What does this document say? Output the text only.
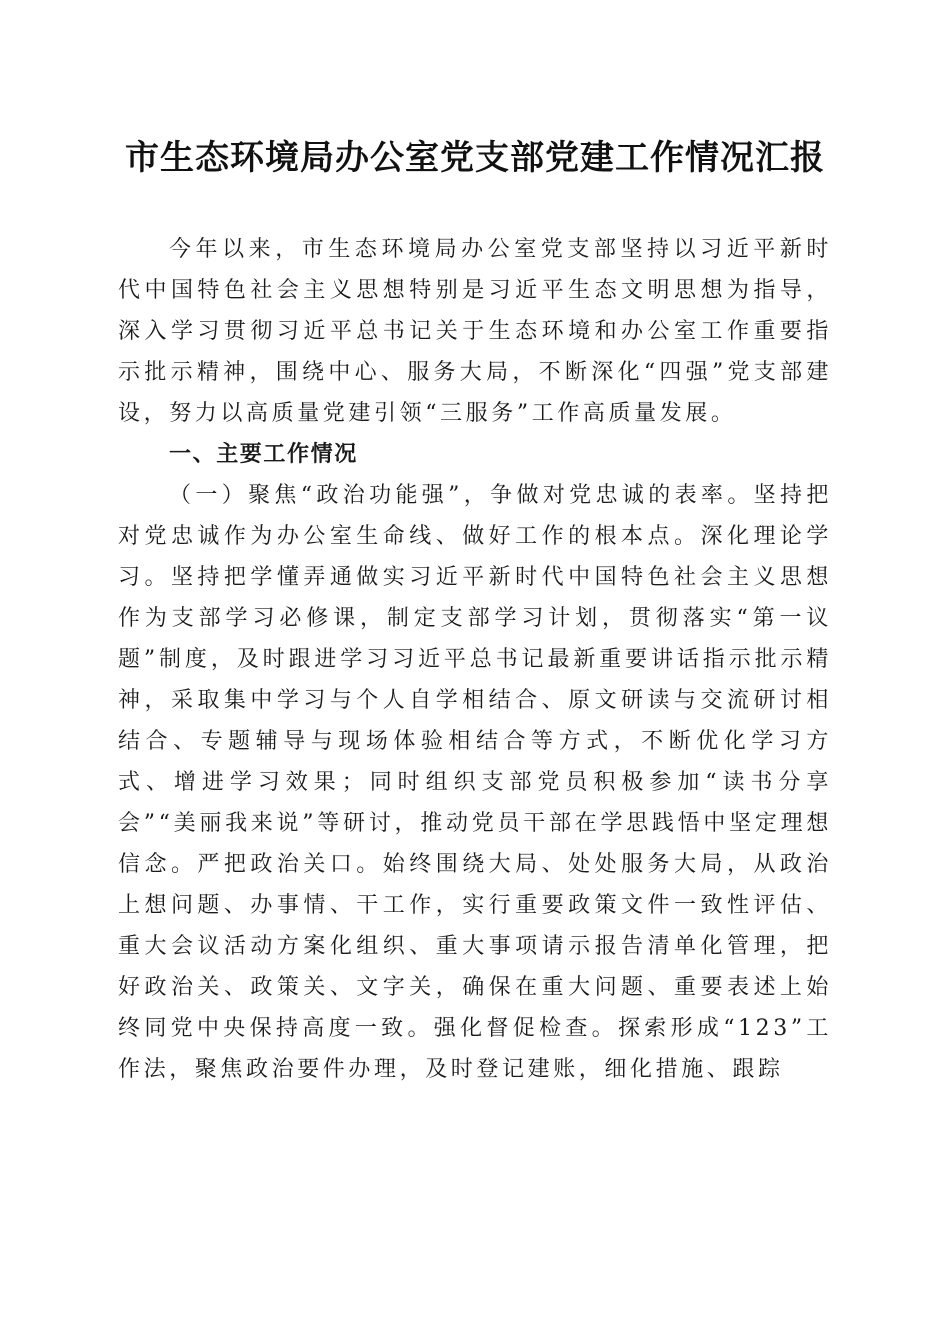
市生态环境局办公室党支部党建工作情况汇报

今年以来，市生态环境局办公室党支部坚持以习近平新时代中国特色社会主义思想特别是习近平生态文明思想为指导，深入学习贯彻习近平总书记关于生态环境和办公室工作重要指示批示精神，围绕中心、服务大局，不断深化“四强”党支部建设，努力以高质量党建引领“三服务”工作高质量发展。

一、主要工作情况

（一）聚焦“政治功能强”，争做对党忠诚的表率。坚持把对党忠诚作为办公室生命线、做好工作的根本点。深化理论学习。坚持把学懂弄通做实习近平新时代中国特色社会主义思想作为支部学习必修课，制定支部学习计划，贯彻落实“第一议题”制度，及时跟进学习习近平总书记最新重要讲话指示批示精神，采取集中学习与个人自学相结合、原文研读与交流研讨相结合、专题辅导与现场体验相结合等方式，不断优化学习方式、增进学习效果；同时组织支部党员积极参加“读书分享会”“美丽我来说”等研讨，推动党员干部在学思践悟中坚定理想信念。严把政治关口。始终围绕大局、处处服务大局，从政治上想问题、办事情、干工作，实行重要政策文件一致性评估、重大会议活动方案化组织、重大事项请示报告清单化管理，把好政治关、政策关、文字关，确保在重大问题、重要表述上始终同党中央保持高度一致。强化督促检查。探索形成“123”工作法，聚焦政治要件办理，及时登记建账，细化措施、跟踪
